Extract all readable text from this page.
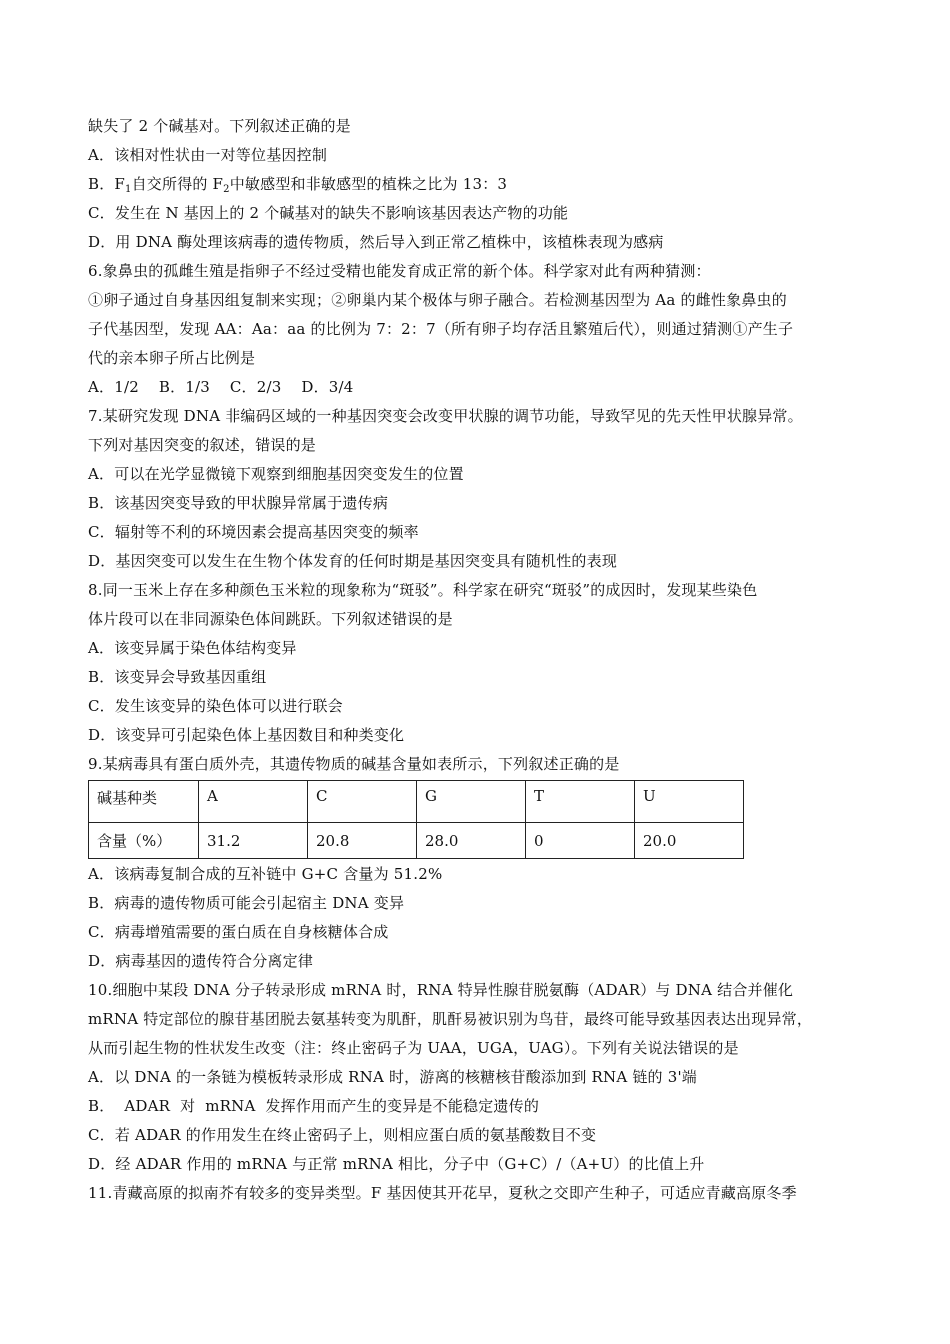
缺失了 2 个碱基对。下列叙述正确的是
A．该相对性状由一对等位基因控制
B．$F_1$自交所得的 $F_2$中敏感型和非敏感型的植株之比为 13：3
C．发生在 N 基因上的 2 个碱基对的缺失不影响该基因表达产物的功能
D．用 DNA 酶处理该病毒的遗传物质，然后导入到正常乙植株中，该植株表现为感病
6.象鼻虫的孤雌生殖是指卵子不经过受精也能发育成正常的新个体。科学家对此有两种猜测：
①卵子通过自身基因组复制来实现；②卵巢内某个极体与卵子融合。若检测基因型为 Aa 的雌性象鼻虫的
子代基因型，发现 AA：Aa：aa 的比例为 7：2：7（所有卵子均存活且繁殖后代），则通过猜测①产生子
代的亲本卵子所占比例是
A．1/2    B．1/3    C．2/3    D．3/4
7.某研究发现 DNA 非编码区域的一种基因突变会改变甲状腺的调节功能，导致罕见的先天性甲状腺异常。
下列对基因突变的叙述，错误的是
A．可以在光学显微镜下观察到细胞基因突变发生的位置
B．该基因突变导致的甲状腺异常属于遗传病
C．辐射等不利的环境因素会提高基因突变的频率
D．基因突变可以发生在生物个体发育的任何时期是基因突变具有随机性的表现
8.同一玉米上存在多种颜色玉米粒的现象称为“斑驳”。科学家在研究“斑驳”的成因时，发现某些染色
体片段可以在非同源染色体间跳跃。下列叙述错误的是
A．该变异属于染色体结构变异
B．该变异会导致基因重组
C．发生该变异的染色体可以进行联会
D．该变异可引起染色体上基因数目和种类变化
9.某病毒具有蛋白质外壳，其遗传物质的碱基含量如表所示，下列叙述正确的是
碱基种类	A	C	G	T	U
含量（%）	31.2	20.8	28.0	0	20.0
A．该病毒复制合成的互补链中 G+C 含量为 51.2%
B．病毒的遗传物质可能会引起宿主 DNA 变异
C．病毒增殖需要的蛋白质在自身核糖体合成
D．病毒基因的遗传符合分离定律
10.细胞中某段 DNA 分子转录形成 mRNA 时，RNA 特异性腺苷脱氨酶（ADAR）与 DNA 结合并催化
mRNA 特定部位的腺苷基团脱去氨基转变为肌酐，肌酐易被识别为鸟苷，最终可能导致基因表达出现异常，
从而引起生物的性状发生改变（注：终止密码子为 UAA，UGA，UAG）。下列有关说法错误的是
A．以 DNA 的一条链为模板转录形成 RNA 时，游离的核糖核苷酸添加到 RNA 链的 3'端
B．  ADAR  对  mRNA  发挥作用而产生的变异是不能稳定遗传的
C．若 ADAR 的作用发生在终止密码子上，则相应蛋白质的氨基酸数目不变
D．经 ADAR 作用的 mRNA 与正常 mRNA 相比，分子中（G+C）/（A+U）的比值上升
11.青藏高原的拟南芥有较多的变异类型。F 基因使其开花早，夏秋之交即产生种子，可适应青藏高原冬季
